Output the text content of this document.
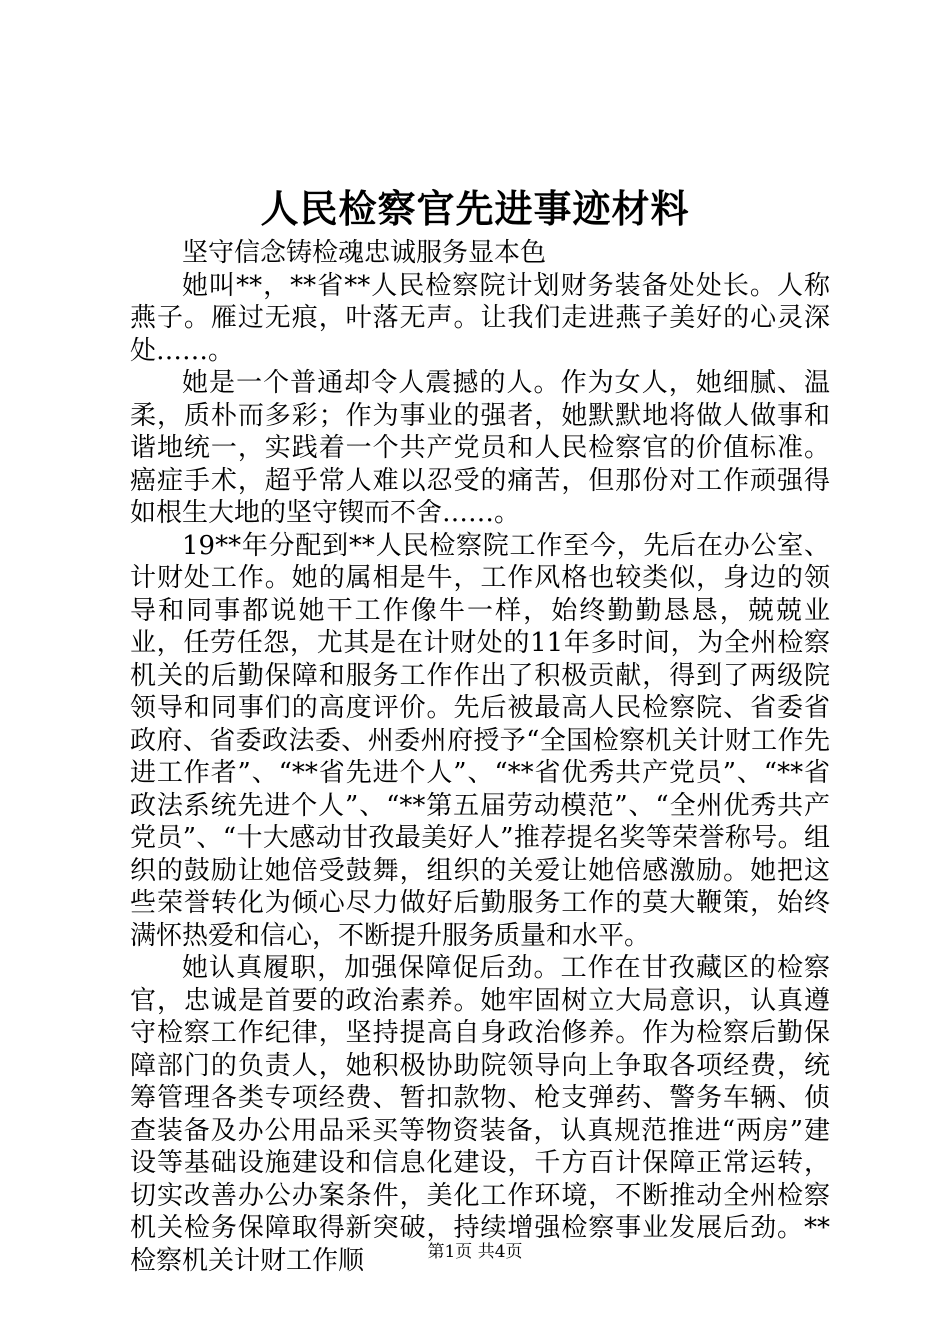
人民检察官先进事迹材料

坚守信念铸检魂忠诚服务显本色

她叫**，**省**人民检察院计划财务装备处处长。人称燕子。雁过无痕，叶落无声。让我们走进燕子美好的心灵深处……。

她是一个普通却令人震撼的人。作为女人，她细腻、温柔，质朴而多彩；作为事业的强者，她默默地将做人做事和谐地统一，实践着一个共产党员和人民检察官的价值标准。癌症手术，超乎常人难以忍受的痛苦，但那份对工作顽强得如根生大地的坚守锲而不舍……。

19**年分配到**人民检察院工作至今，先后在办公室、计财处工作。她的属相是牛，工作风格也较类似，身边的领导和同事都说她干工作像牛一样，始终勤勤恳恳，兢兢业业，任劳任怨，尤其是在计财处的11年多时间，为全州检察机关的后勤保障和服务工作作出了积极贡献，得到了两级院领导和同事们的高度评价。先后被最高人民检察院、省委省政府、省委政法委、州委州府授予“全国检察机关计财工作先进工作者”、“**省先进个人”、“**省优秀共产党员”、“**省政法系统先进个人”、“**第五届劳动模范”、“全州优秀共产党员”、“十大感动甘孜最美好人”推荐提名奖等荣誉称号。组织的鼓励让她倍受鼓舞，组织的关爱让她倍感激励。她把这些荣誉转化为倾心尽力做好后勤服务工作的莫大鞭策，始终满怀热爱和信心，不断提升服务质量和水平。

她认真履职，加强保障促后劲。工作在甘孜藏区的检察官，忠诚是首要的政治素养。她牢固树立大局意识，认真遵守检察工作纪律，坚持提高自身政治修养。作为检察后勤保障部门的负责人，她积极协助院领导向上争取各项经费，统筹管理各类专项经费、暂扣款物、枪支弹药、警务车辆、侦查装备及办公用品采买等物资装备，认真规范推进“两房”建设等基础设施建设和信息化建设，千方百计保障正常运转，切实改善办公办案条件，美化工作环境，不断推动全州检察机关检务保障取得新突破，持续增强检察事业发展后劲。**检察机关计财工作顺	第1页 共4页
